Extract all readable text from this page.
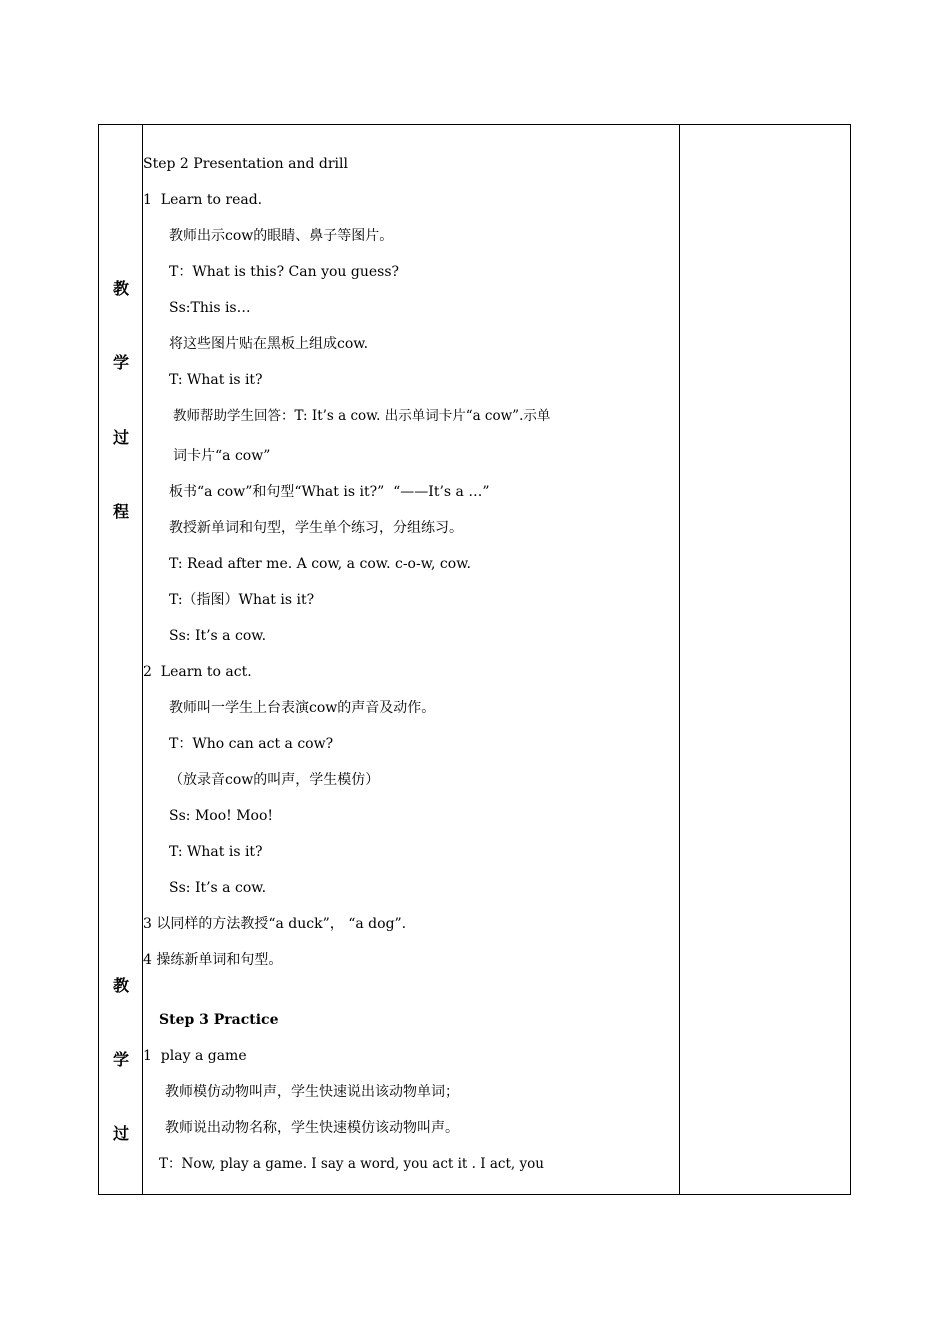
教
学
过
程
教
学
过
Step 2 Presentation and drill
1  Learn to read.
教师出示cow的眼睛、鼻子等图片。
T：What is this? Can you guess?
Ss:This is…
将这些图片贴在黑板上组成cow.
T: What is it?
教师帮助学生回答：T: It’s a cow. 出示单词卡片“a cow”.示单
词卡片“a cow”
板书“a cow”和句型“What is it?”  “——It’s a …”
教授新单词和句型，学生单个练习，分组练习。
T: Read after me. A cow, a cow. c-o-w, cow.
T:（指图）What is it?
Ss: It’s a cow.
2  Learn to act.
教师叫一学生上台表演cow的声音及动作。
T：Who can act a cow?
（放录音cow的叫声，学生模仿）
Ss: Moo! Moo!
T: What is it?
Ss: It’s a cow.
3 以同样的方法教授“a duck”， “a dog”.
4 操练新单词和句型。
Step 3 Practice
1  play a game
教师模仿动物叫声，学生快速说出该动物单词；
教师说出动物名称，学生快速模仿该动物叫声。
T：Now, play a game. I say a word, you act it . I act, you
